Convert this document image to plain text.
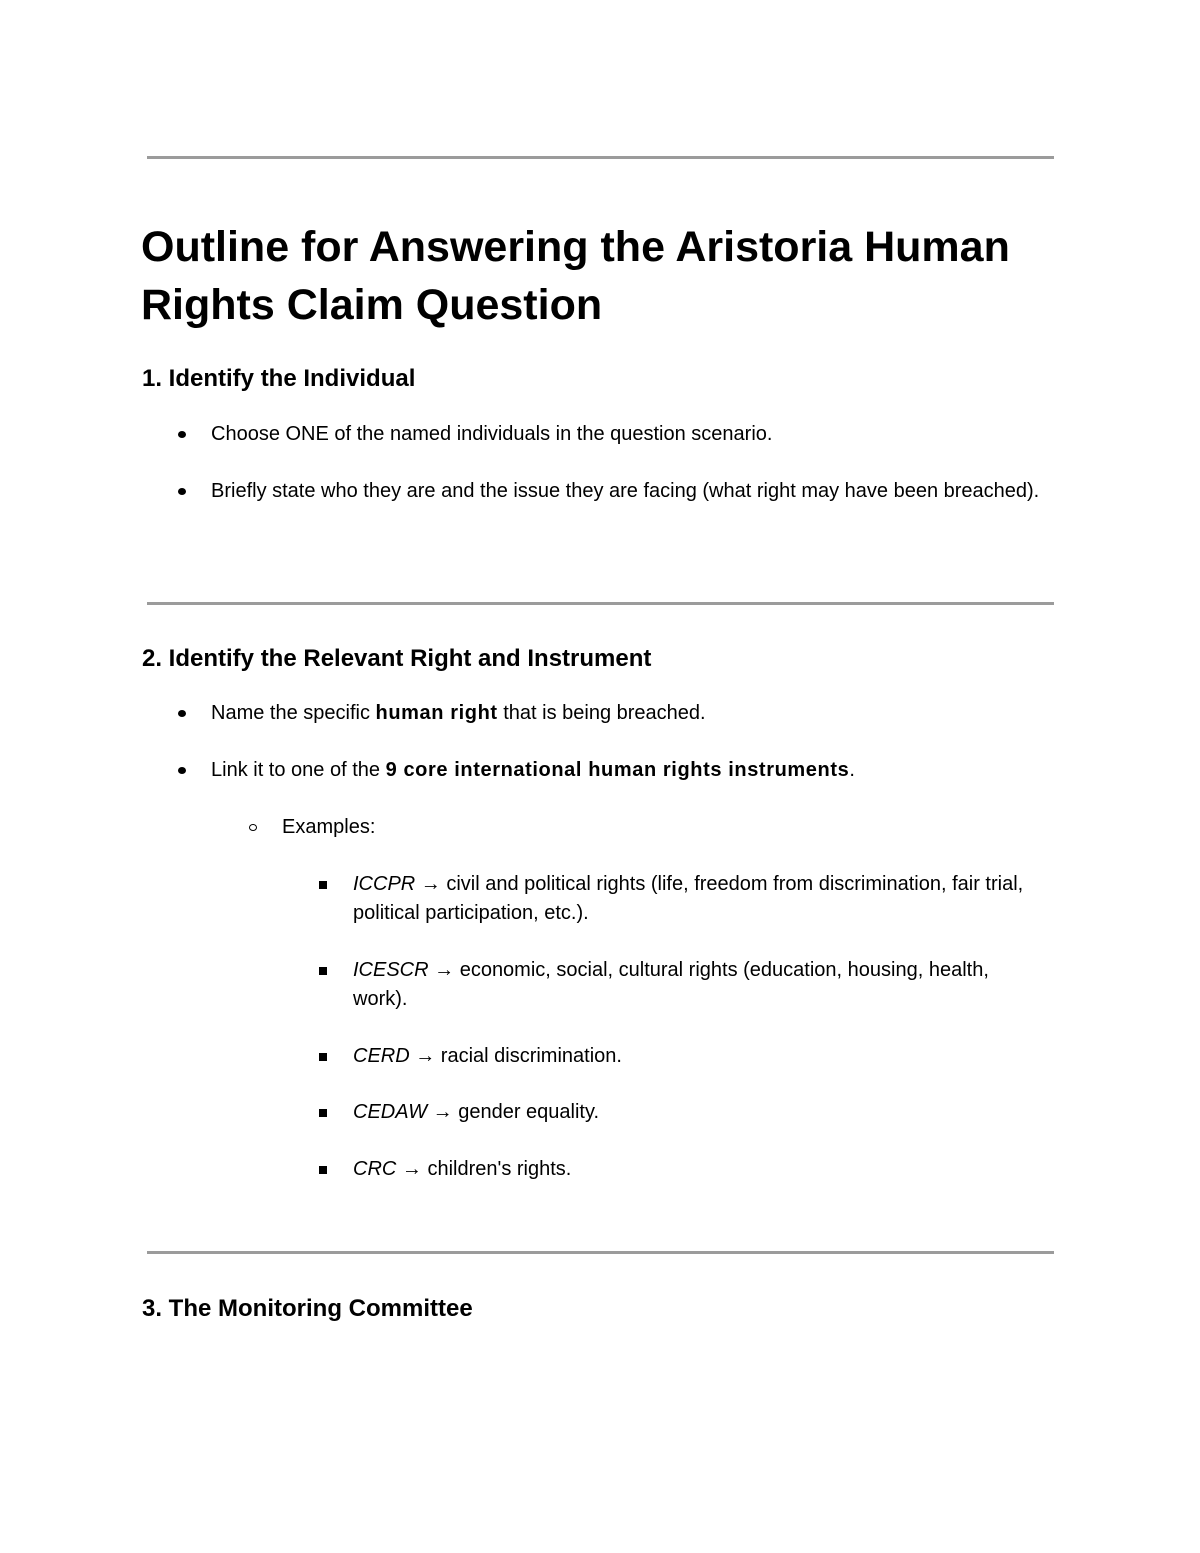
Outline for Answering the Aristoria Human Rights Claim Question
1. Identify the Individual
Choose ONE of the named individuals in the question scenario.
Briefly state who they are and the issue they are facing (what right may have been breached).
2. Identify the Relevant Right and Instrument
Name the specific human right that is being breached.
Link it to one of the 9 core international human rights instruments.
Examples:
ICCPR → civil and political rights (life, freedom from discrimination, fair trial, political participation, etc.).
ICESCR → economic, social, cultural rights (education, housing, health, work).
CERD → racial discrimination.
CEDAW → gender equality.
CRC → children's rights.
3. The Monitoring Committee
